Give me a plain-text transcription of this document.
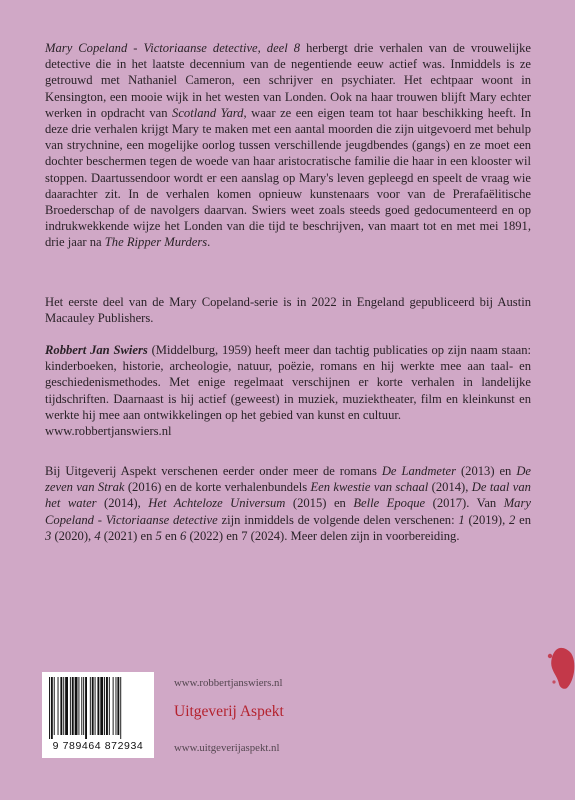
Mary Copeland - Victoriaanse detective, deel 8 herbergt drie verhalen van de vrouwelijke detective die in het laatste decennium van de negentiende eeuw actief was. Inmiddels is ze getrouwd met Nathaniel Cameron, een schrijver en psychiater. Het echtpaar woont in Kensington, een mooie wijk in het westen van Londen. Ook na haar trouwen blijft Mary echter werken in opdracht van Scotland Yard, waar ze een eigen team tot haar beschikking heeft. In deze drie verhalen krijgt Mary te maken met een aantal moorden die zijn uitgevoerd met behulp van strychnine, een mogelijke oorlog tussen verschillende jeugdbendes (gangs) en ze moet een dochter beschermen tegen de woede van haar aristocratische familie die haar in een klooster wil stoppen. Daartussendoor wordt er een aanslag op Mary's leven gepleegd en speelt de vraag wie daarachter zit. In de verhalen komen opnieuw kunstenaars voor van de Prerafaëlitische Broederschap of de navolgers daarvan. Swiers weet zoals steeds goed gedocumenteerd en op indrukwekkende wijze het Londen van die tijd te beschrijven, van maart tot en met mei 1891, drie jaar na The Ripper Murders.

Het eerste deel van de Mary Copeland-serie is in 2022 in Engeland gepubliceerd bij Austin Macauley Publishers.

Robbert Jan Swiers (Middelburg, 1959) heeft meer dan tachtig publicaties op zijn naam staan: kinderboeken, historie, archeologie, natuur, poëzie, romans en hij werkte mee aan taal- en geschiedenismethodes. Met enige regelmaat verschijnen er korte verhalen in landelijke tijdschriften. Daarnaast is hij actief (geweest) in muziek, muziektheater, film en kleinkunst en werkte hij mee aan ontwikkelingen op het gebied van kunst en cultuur.

www.robbertjanswiers.nl

Bij Uitgeverij Aspekt verschenen eerder onder meer de romans De Landmeter (2013) en De zeven van Strak (2016) en de korte verhalenbundels Een kwestie van schaal (2014), De taal van het water (2014), Het Achteloze Universum (2015) en Belle Epoque (2017). Van Mary Copeland - Victoriaanse detective zijn inmiddels de volgende delen verschenen: 1 (2019), 2 en 3 (2020), 4 (2021) en 5 en 6 (2022) en 7 (2024). Meer delen zijn in voorbereiding.

9 789464 872934
www.robbertjanswiers.nl
Uitgeverij Aspekt
www.uitgeverijaspekt.nl
